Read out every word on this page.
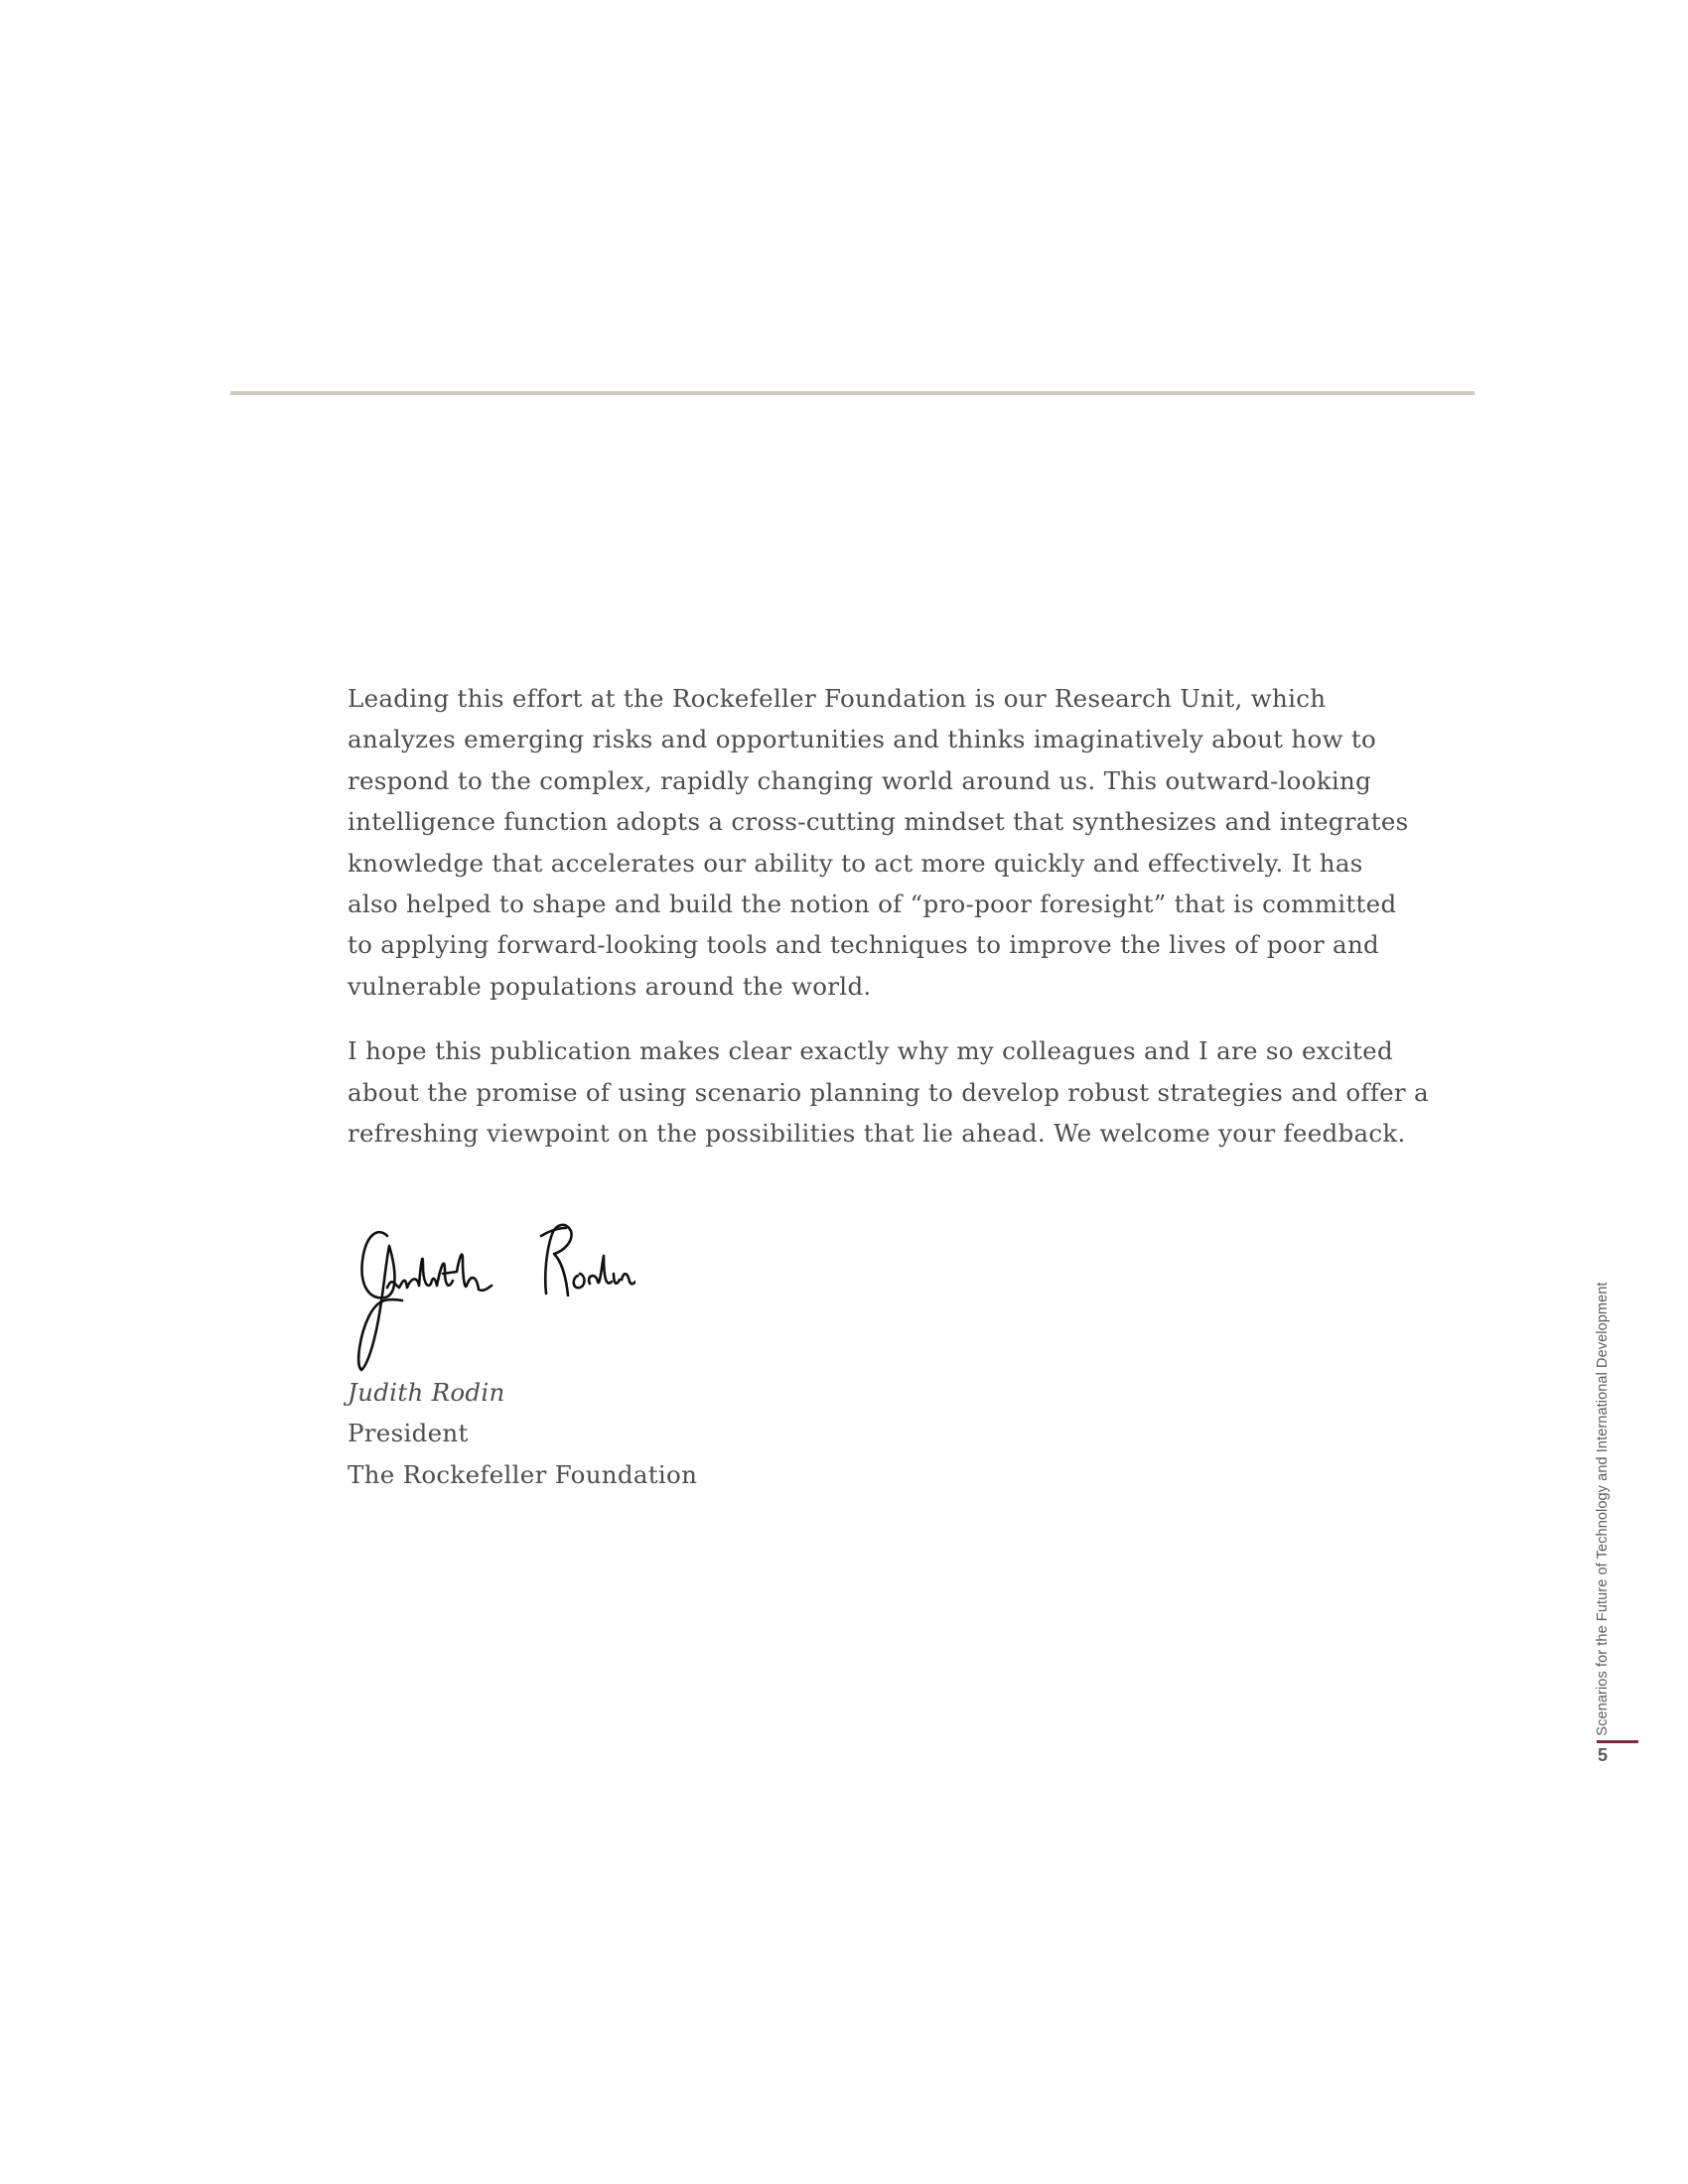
Leading this effort at the Rockefeller Foundation is our Research Unit, which
analyzes emerging risks and opportunities and thinks imaginatively about how to
respond to the complex, rapidly changing world around us. This outward-looking
intelligence function adopts a cross-cutting mindset that synthesizes and integrates
knowledge that accelerates our ability to act more quickly and effectively. It has
also helped to shape and build the notion of “pro-poor foresight” that is committed
to applying forward-looking tools and techniques to improve the lives of poor and
vulnerable populations around the world.

I hope this publication makes clear exactly why my colleagues and I are so excited
about the promise of using scenario planning to develop robust strategies and offer a
refreshing viewpoint on the possibilities that lie ahead. We welcome your feedback.

Judith Rodin
President
The Rockefeller Foundation	Scenarios for the Future of Technology and International Development
5
